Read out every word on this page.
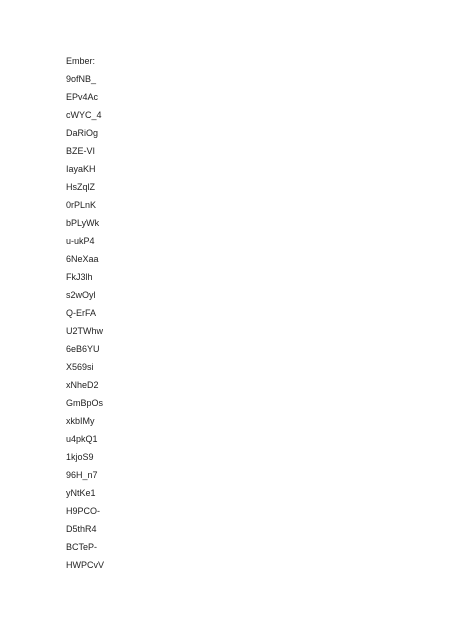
Ember:
9ofNB_
EPv4Ac
cWYC_4
DaRiOg
BZE-VI
IayaKH
HsZqlZ
0rPLnK
bPLyWk
u-ukP4
6NeXaa
FkJ3lh
s2wOyl
Q-ErFA
U2TWhw
6eB6YU
X569si
xNheD2
GmBpOs
xkbIMy
u4pkQ1
1kjoS9
96H_n7
yNtKe1
H9PCO-
D5thR4
BCTeP-
HWPCvV
